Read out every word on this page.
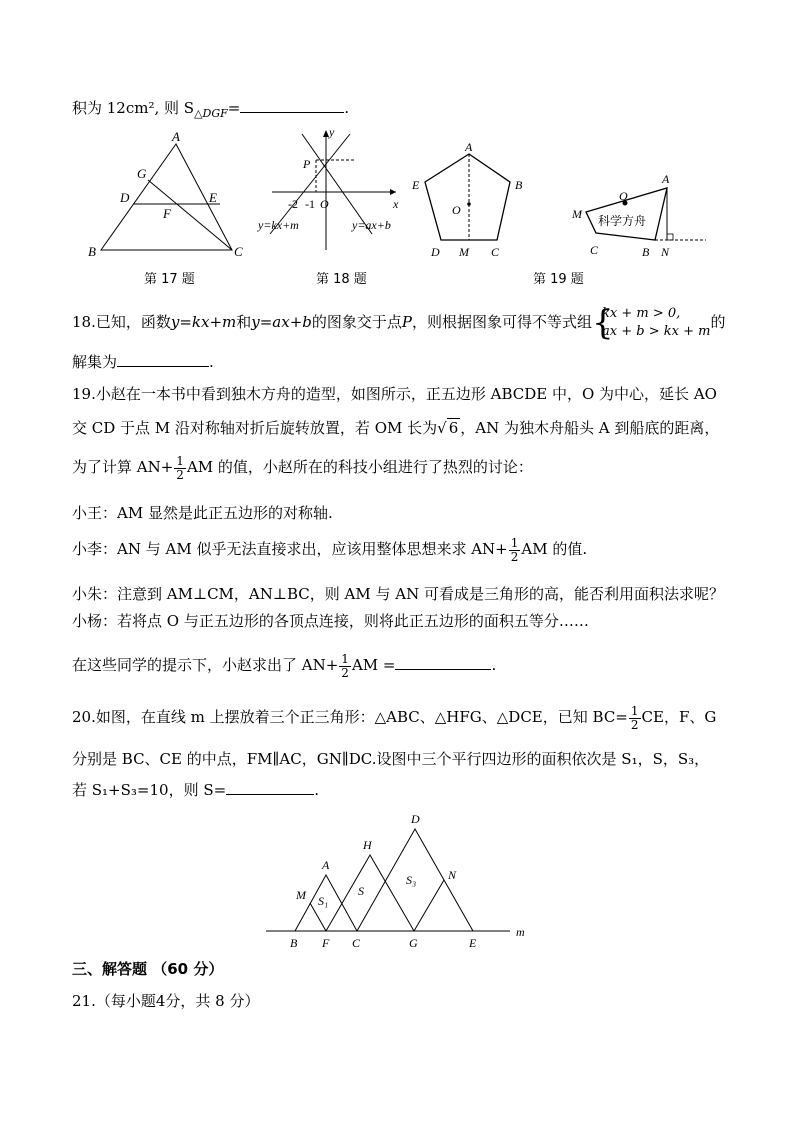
积为 12cm², 则 $S_{\triangle DGF}=$	.
A
G
D	E
F
B	C
y
x
P
-2 -1 O
y=kx+m	y=ax+b
A
B
C
D
E
M
O
科学方舟
M
O
A
C	B N
第 17 题	第 18 题	第 19 题
18.已知，函数y=kx+m和y=ax+b的图象交于点P，则根据图象可得不等式组 {
kx + m > 0,
ax + b > kx + m
的
解集为	.
19.小赵在一本书中看到独木方舟的造型，如图所示，正五边形 ABCDE 中，O 为中心，延长 AO
交 CD 于点 M 沿对称轴对折后旋转放置，若 OM 长为√ 6 ，AN 为独木舟船头 A 到船底的距离，
为了计算 $AN+ \frac{1}{2}$ AM 的值，小赵所在的科技小组进行了热烈的讨论：
小王：AM 显然是此正五边形的对称轴.
小李：AN 与 AM 似乎无法直接求出，应该用整体思想来求 $AN+ \frac{1}{2}$ AM 的值.
小朱：注意到 AM⊥CM，AN⊥BC，则 AM 与 AN 可看成是三角形的高，能否利用面积法求呢？
小杨：若将点 O 与正五边形的各顶点连接，则将此正五边形的面积五等分……
在这些同学的提示下，小赵求出了 $AN+ \frac{1}{2}$ AM =	.
20.如图，在直线 m 上摆放着三个正三角形：△ABC、△HFG、△DCE，已知 $BC= \frac{1}{2}$ CE，F、G
分别是 BC、CE 的中点，FM∥AC，GN∥DC.设图中三个平行四边形的面积依次是 S₁，S，S₃，
若 S₁+S₃=10，则 S=	.
D
H
A
M
N
S₁
S
S₃
B F C	G	E
m
三、解答题 （60 分）
21.（每小题4分，共 8 分）
